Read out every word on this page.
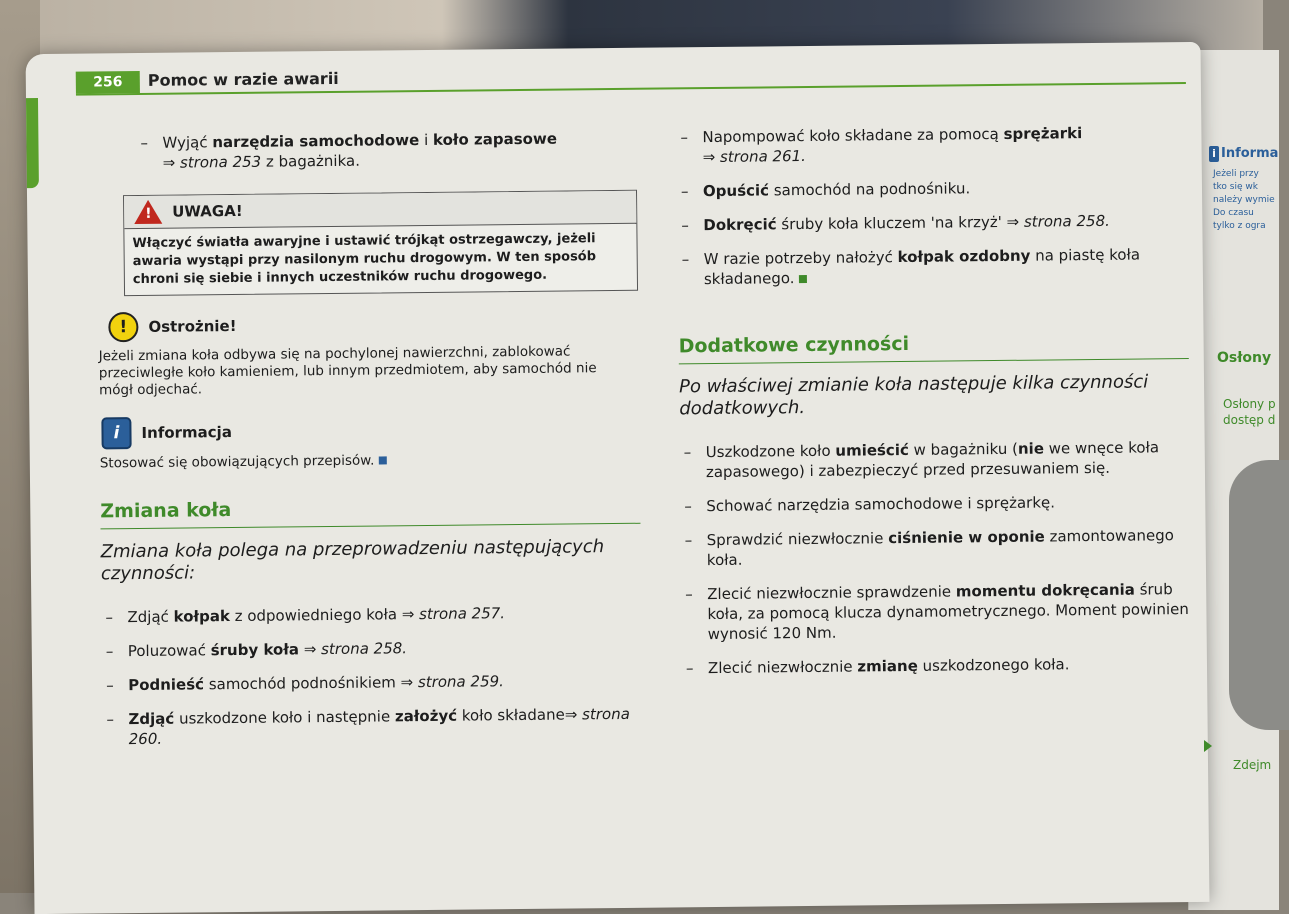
i Informa
Jeżeli przy
tko się wk
należy wymie
Do czasu
tylko z ogra
Osłony
Osłony p
dostęp d
Zdejm
256	Pomoc w razie awarii
– Wyjąć narzędzia samochodowe i koło zapasowe
⇒ strona 253 z bagażnika.
! UWAGA!
Włączyć światła awaryjne i ustawić trójkąt ostrzegawczy, jeżeli awaria wystąpi przy nasilonym ruchu drogowym. W ten sposób chroni się siebie i innych uczestników ruchu drogowego.
!	Ostrożnie!
Jeżeli zmiana koła odbywa się na pochylonej nawierzchni, zablokować przeciwległe koło kamieniem, lub innym przedmiotem, aby samochód nie mógł odjechać.
i	Informacja
Stosować się obowiązujących przepisów.
Zmiana koła
Zmiana koła polega na przeprowadzeniu następujących czynności:
– Zdjąć kołpak z odpowiedniego koła ⇒ strona 257.
– Poluzować śruby koła ⇒ strona 258.
– Podnieść samochód podnośnikiem ⇒ strona 259.
– Zdjąć uszkodzone koło i następnie założyć koło składane⇒ strona 260.
– Napompować koło składane za pomocą sprężarki
⇒ strona 261.
– Opuścić samochód na podnośniku.
– Dokręcić śruby koła kluczem 'na krzyż' ⇒ strona 258.
– W razie potrzeby nałożyć kołpak ozdobny na piastę koła składanego.
Dodatkowe czynności
Po właściwej zmianie koła następuje kilka czynności dodatkowych.
– Uszkodzone koło umieścić w bagażniku (nie we wnęce koła zapasowego) i zabezpieczyć przed przesuwaniem się.
– Schować narzędzia samochodowe i sprężarkę.
– Sprawdzić niezwłocznie ciśnienie w oponie zamontowanego koła.
– Zlecić niezwłocznie sprawdzenie momentu dokręcania śrub koła, za pomocą klucza dynamometrycznego. Moment powinien wynosić 120 Nm.
– Zlecić niezwłocznie zmianę uszkodzonego koła.
